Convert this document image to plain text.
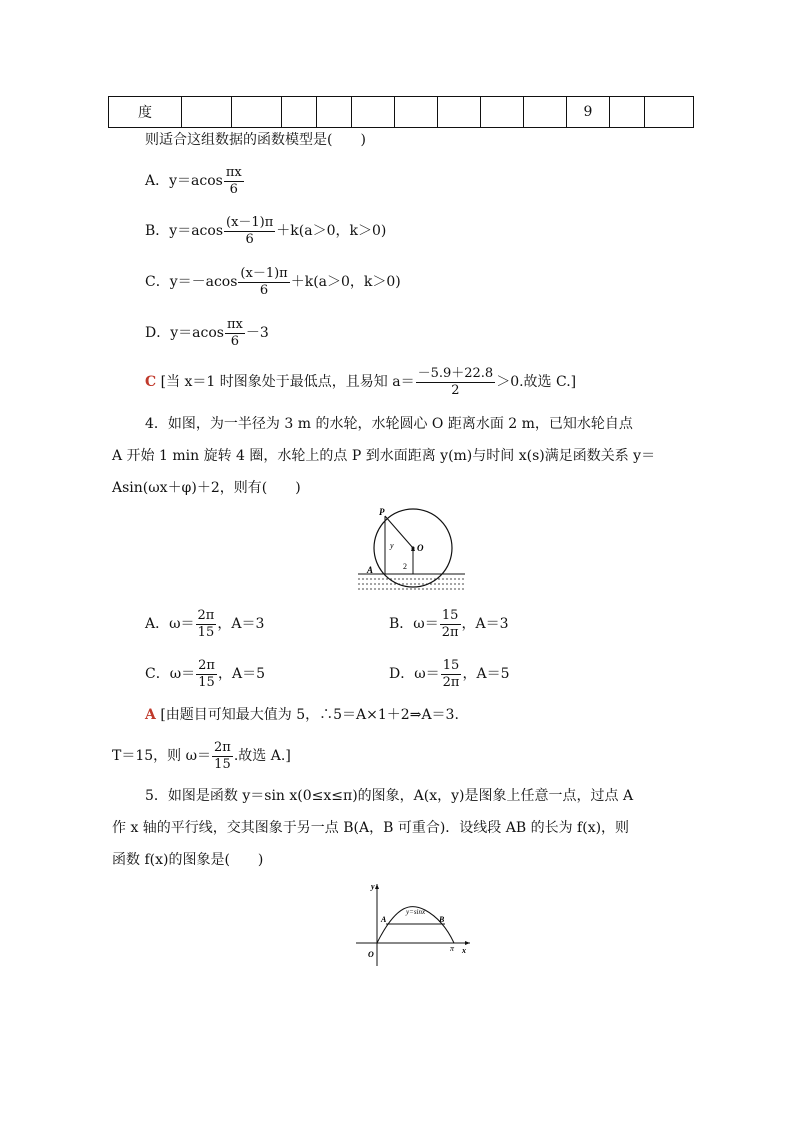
度										9		
则适合这组数据的函数模型是(　　)
A．$y=acos \frac{\pi x}{6}$
B．$y=acos \frac{(x-1)\pi}{6} +k(a>0$，k＞0)
C．$y=-acos \frac{(x-1)\pi}{6} +k(a>0$，k＞0)
D．$y=acos \frac{\pi x}{6} -3$
C [当 x＝1 时图象处于最低点，且易知 $a= \frac{-5.9+22.8}{2} >0$.故选 C.]
4．如图，为一半径为 3 m 的水轮，水轮圆心 O 距离水面 2 m，已知水轮自点
A 开始 1 min 旋转 4 圈，水轮上的点 P 到水面距离 y(m)与时间 x(s)满足函数关系 y＝
Asin(ωx＋φ)＋2，则有(　　)
P
O
A
y
2
A．$\omega= \frac{2\pi}{15}$ ，A＝3	B．$\omega= \frac{15}{2\pi}$ ，A＝3
C．$\omega= \frac{2\pi}{15}$ ，A＝5	D．$\omega= \frac{15}{2\pi}$ ，A＝5
A [由题目可知最大值为 5，∴5＝A×1＋2⇒A＝3.
T＝15，则 $\omega= \frac{2\pi}{15}$ .故选 A.]
5．如图是函数 y＝sin x(0≤x≤π)的图象，A(x，y)是图象上任意一点，过点 A
作 x 轴的平行线，交其图象于另一点 B(A，B 可重合)．设线段 AB 的长为 f(x)，则
函数 f(x)的图象是(　　)
y
x
O
A	B
π
y=sinx
